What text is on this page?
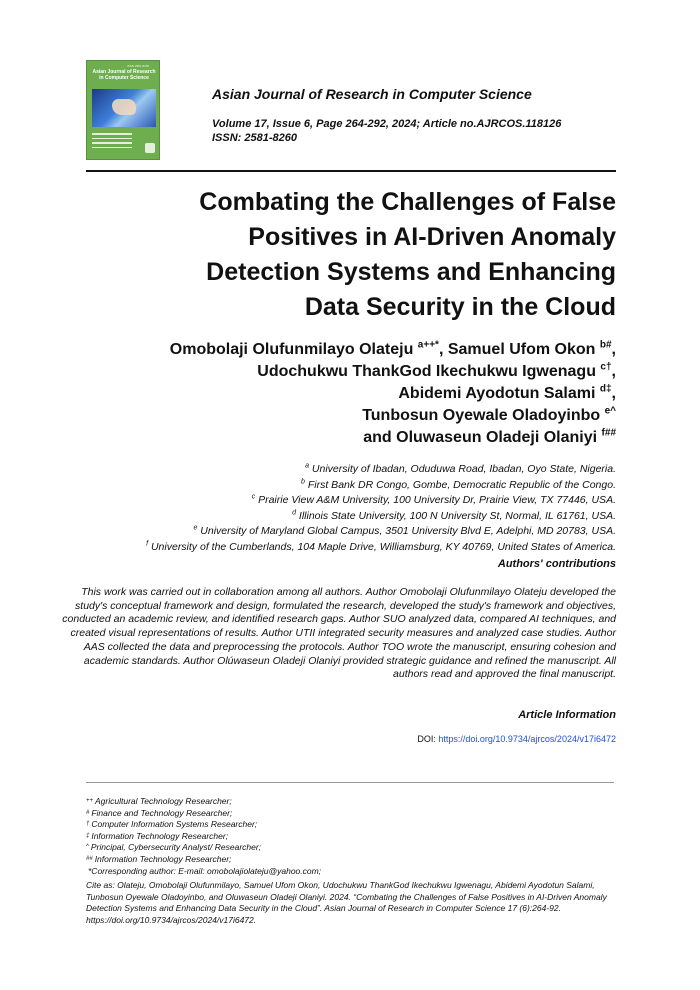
ISSN 2581-8260
Asian Journal of Research in Computer Science
Asian Journal of Research in Computer Science
Volume 17, Issue 6, Page 264-292, 2024; Article no.AJRCOS.118126
ISSN: 2581-8260
Combating the Challenges of False
Positives in AI-Driven Anomaly
Detection Systems and Enhancing
Data Security in the Cloud

Omobolaji Olufunmilayo Olateju $^{a++*}$, Samuel Ufom Okon $^{b\#}$,
Udochukwu ThankGod Ikechukwu Igwenagu $^{c\dagger}$,
Abidemi Ayodotun Salami $^{d\ddagger}$,
Tunbosun Oyewale Oladoyinbo $^{e\^{}}$
and Oluwaseun Oladeji Olaniyi $^{f\#\#}$

$^a$ University of Ibadan, Oduduwa Road, Ibadan, Oyo State, Nigeria.
$^b$ First Bank DR Congo, Gombe, Democratic Republic of the Congo.
$^c$ Prairie View A&M University, 100 University Dr, Prairie View, TX 77446, USA.
$^d$ Illinois State University, 100 N University St, Normal, IL 61761, USA.
$^e$ University of Maryland Global Campus, 3501 University Blvd E, Adelphi, MD 20783, USA.
$^f$ University of the Cumberlands, 104 Maple Drive, Williamsburg, KY 40769, United States of America.

Authors' contributions

This work was carried out in collaboration among all authors. Author Omobolaji Olufunmilayo Olateju developed the study's conceptual framework and design, formulated the research, developed the study's framework and objectives, conducted an academic review, and identified research gaps. Author SUO analyzed data, compared AI techniques, and created visual representations of results. Author UTII integrated security measures and analyzed case studies. Author AAS collected the data and preprocessing the protocols. Author TOO wrote the manuscript, ensuring cohesion and academic standards. Author Olúwaseun Oladeji Olaniyi provided strategic guidance and refined the manuscript. All authors read and approved the final manuscript.

Article Information
DOI: https://doi.org/10.9734/ajrcos/2024/v17i6472
++ Agricultural Technology Researcher;
# Finance and Technology Researcher;
† Computer Information Systems Researcher;
‡ Information Technology Researcher;
^ Principal, Cybersecurity Analyst/ Researcher;
## Information Technology Researcher;
*Corresponding author: E-mail: omobolajiolateju@yahoo.com;

Cite as: Olateju, Omobolaji Olufunmilayo, Samuel Ufom Okon, Udochukwu ThankGod Ikechukwu Igwenagu, Abidemi Ayodotun Salami, Tunbosun Oyewale Oladoyinbo, and Oluwaseun Oladeji Olaniyi. 2024. “Combating the Challenges of False Positives in AI-Driven Anomaly Detection Systems and Enhancing Data Security in the Cloud”. Asian Journal of Research in Computer Science 17 (6):264-92. https://doi.org/10.9734/ajrcos/2024/v17i6472.
